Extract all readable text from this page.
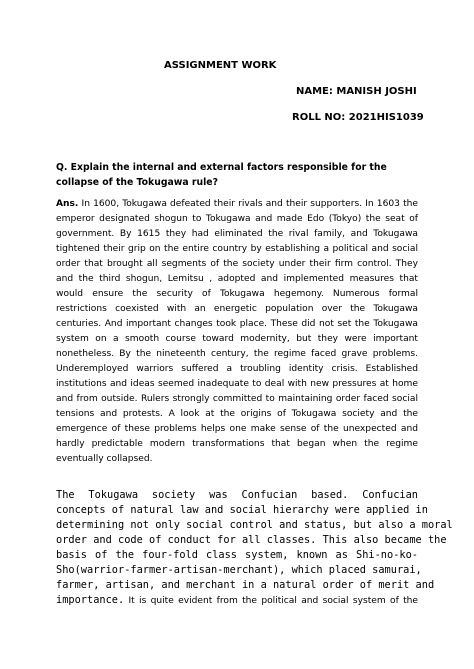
ASSIGNMENT WORK
NAME: MANISH JOSHI
ROLL NO: 2021HIS1039

Q. Explain the internal and external factors responsible for the collapse of the Tokugawa rule?

Ans. In 1600, Tokugawa defeated their rivals and their supporters. In 1603 the
emperor designated shogun to Tokugawa and made Edo (Tokyo) the seat of
government. By 1615 they had eliminated the rival family, and Tokugawa
tightened their grip on the entire country by establishing a political and social
order that brought all segments of the society under their firm control. They
and the third shogun, Lemitsu , adopted and implemented measures that
would ensure the security of Tokugawa hegemony. Numerous formal
restrictions coexisted with an energetic population over the Tokugawa
centuries. And important changes took place. These did not set the Tokugawa
system on a smooth course toward modernity, but they were important
nonetheless. By the nineteenth century, the regime faced grave problems.
Underemployed warriors suffered a troubling identity crisis. Established
institutions and ideas seemed inadequate to deal with new pressures at home
and from outside. Rulers strongly committed to maintaining order faced social
tensions and protests. A look at the origins of Tokugawa society and the
emergence of these problems helps one make sense of the unexpected and
hardly predictable modern transformations that began when the regime
eventually collapsed.
The Tokugawa society was Confucian based. Confucian
concepts of natural law and social hierarchy were applied in
determining not only social control and status, but also a moral
order and code of conduct for all classes. This also became the
basis of the four-fold class system, known as Shi-no-ko-
Sho(warrior-farmer-artisan-merchant), which placed samurai,
farmer, artisan, and merchant in a natural order of merit and
importance. It is quite evident from the political and social system of the
